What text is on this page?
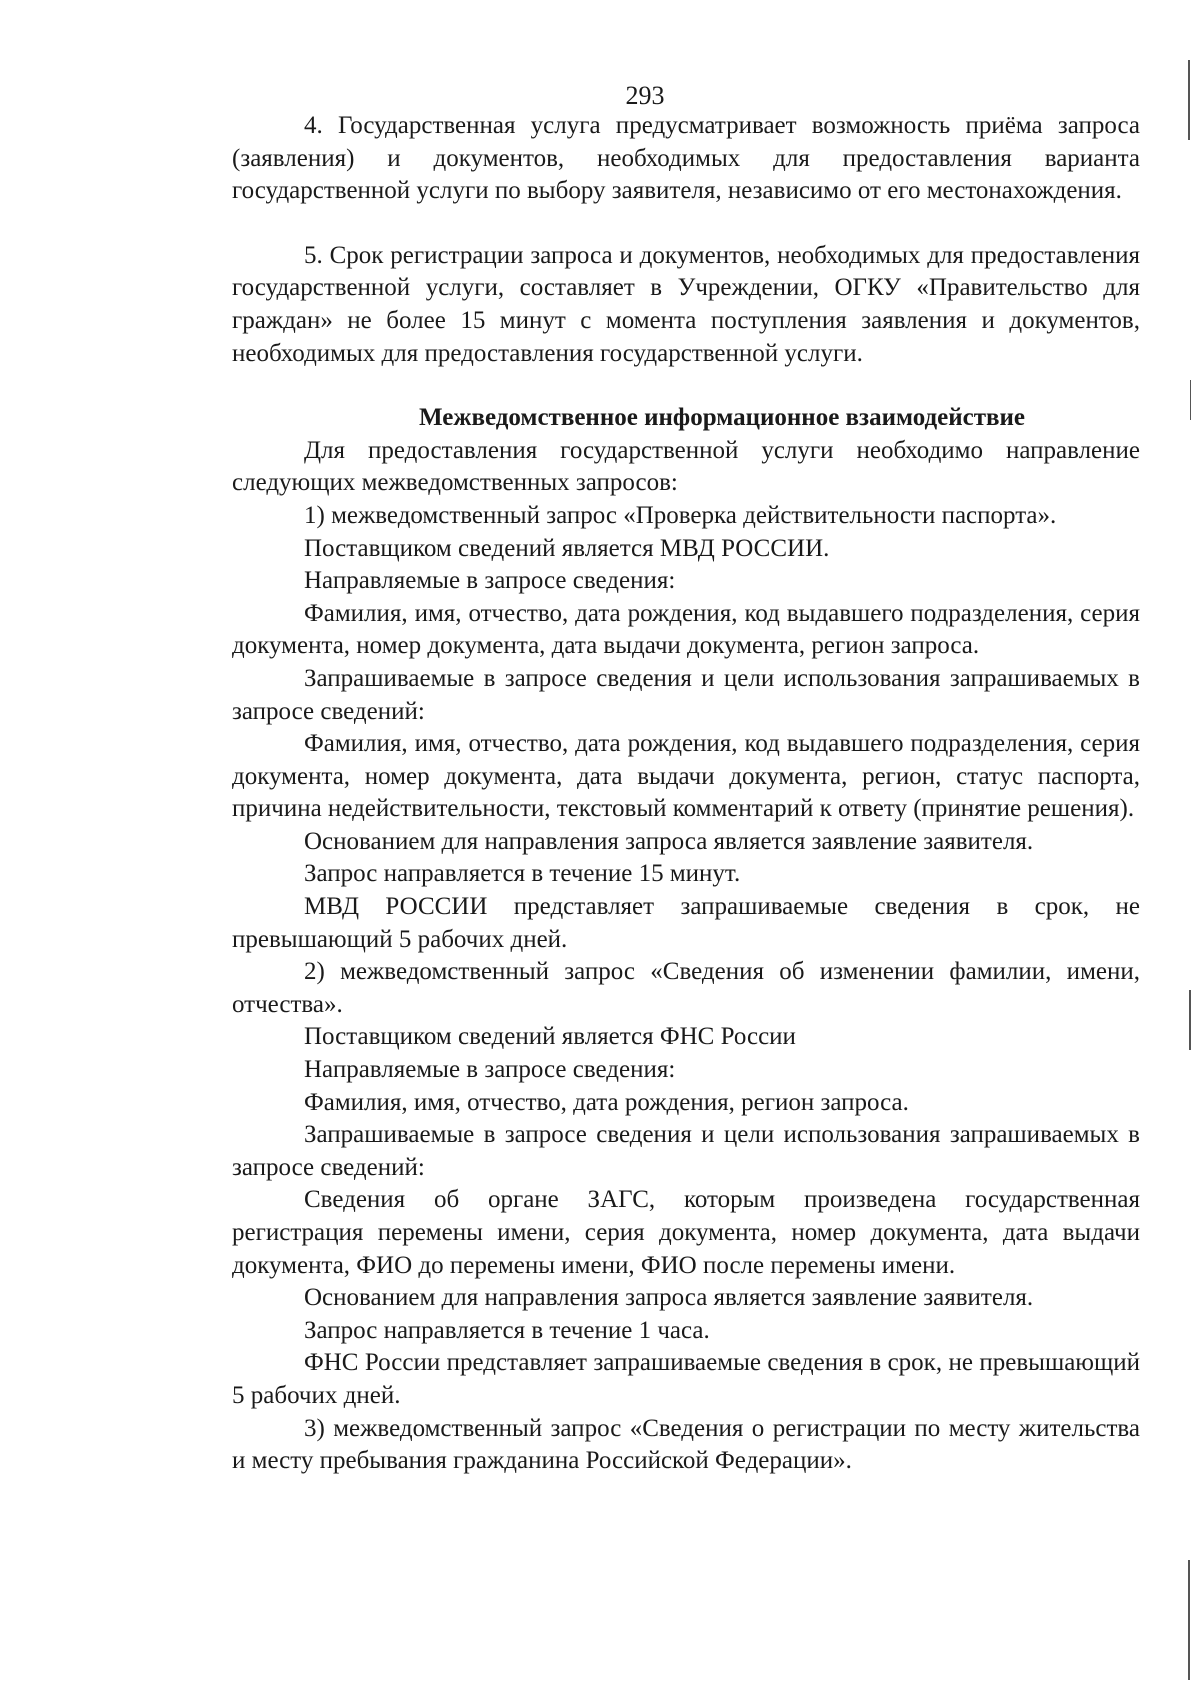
293

4. Государственная услуга предусматривает возможность приёма запроса (заявления) и документов, необходимых для предоставления варианта государственной услуги по выбору заявителя, независимо от его местонахождения.

5. Срок регистрации запроса и документов, необходимых для предоставления государственной услуги, составляет в Учреждении, ОГКУ «Правительство для граждан» не более 15 минут с момента поступления заявления и документов, необходимых для предоставления государственной услуги.

Межведомственное информационное взаимодействие

Для предоставления государственной услуги необходимо направление следующих межведомственных запросов:

1) межведомственный запрос «Проверка действительности паспорта».

Поставщиком сведений является МВД РОССИИ.

Направляемые в запросе сведения:

Фамилия, имя, отчество, дата рождения, код выдавшего подразделения, серия документа, номер документа, дата выдачи документа, регион запроса.

Запрашиваемые в запросе сведения и цели использования запрашиваемых в запросе сведений:

Фамилия, имя, отчество, дата рождения, код выдавшего подразделения, серия документа, номер документа, дата выдачи документа, регион, статус паспорта, причина недействительности, текстовый комментарий к ответу (принятие решения).

Основанием для направления запроса является заявление заявителя.

Запрос направляется в течение 15 минут.

МВД РОССИИ представляет запрашиваемые сведения в срок, не превышающий 5 рабочих дней.

2) межведомственный запрос «Сведения об изменении фамилии, имени, отчества».

Поставщиком сведений является ФНС России

Направляемые в запросе сведения:

Фамилия, имя, отчество, дата рождения, регион запроса.

Запрашиваемые в запросе сведения и цели использования запрашиваемых в запросе сведений:

Сведения об органе ЗАГС, которым произведена государственная регистрация перемены имени, серия документа, номер документа, дата выдачи документа, ФИО до перемены имени, ФИО после перемены имени.

Основанием для направления запроса является заявление заявителя.

Запрос направляется в течение 1 часа.

ФНС России представляет запрашиваемые сведения в срок, не превышающий 5 рабочих дней.

3) межведомственный запрос «Сведения о регистрации по месту жительства и месту пребывания гражданина Российской Федерации».
